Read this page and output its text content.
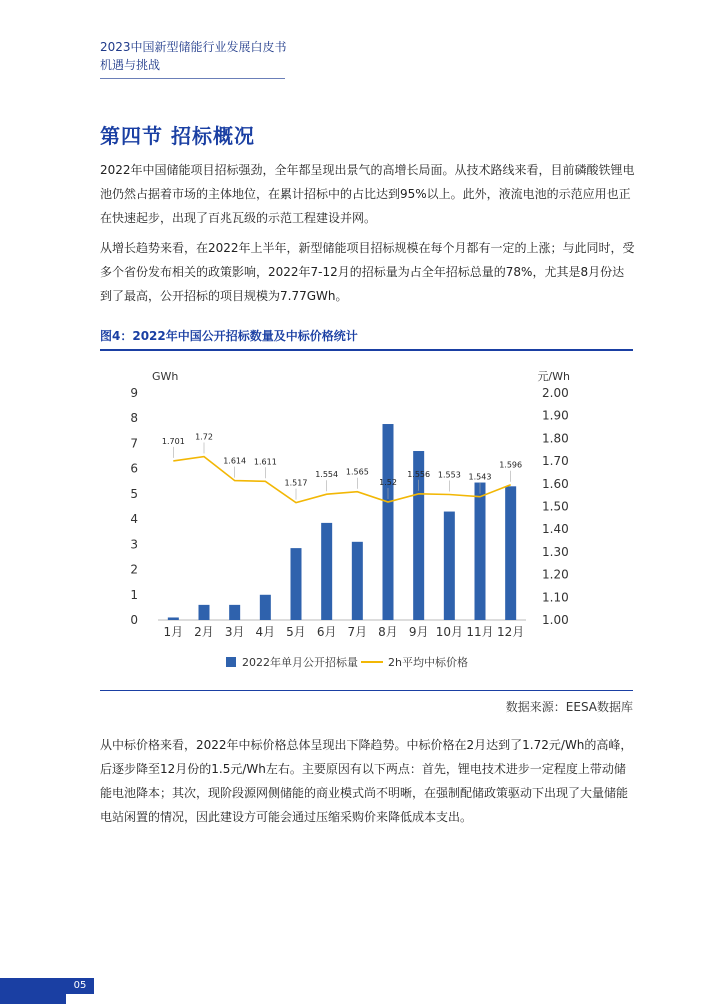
2023中国新型储能行业发展白皮书
机遇与挑战
第四节 招标概况
2022年中国储能项目招标强劲，全年都呈现出景气的高增长局面。从技术路线来看，目前磷酸铁锂电池仍然占据着市场的主体地位，在累计招标中的占比达到95%以上。此外，液流电池的示范应用也正在快速起步，出现了百兆瓦级的示范工程建设并网。
从增长趋势来看，在2022年上半年，新型储能项目招标规模在每个月都有一定的上涨；与此同时，受多个省份发布相关的政策影响，2022年7-12月的招标量为占全年招标总量的78%，尤其是8月份达到了最高，公开招标的项目规模为7.77GWh。
图4：2022年中国公开招标数量及中标价格统计
GWh	元/Wh
0
1
2
3
4
5
6
7
8
9
1.00
1.10
1.20
1.30
1.40
1.50
1.60
1.70
1.80
1.90
2.00
1月 2月 3月 4月 5月 6月 7月 8月 9月 10月 11月 12月
1.701 1.72
1.614 1.611
1.517
1.554 1.565
1.52
1.556 1.553 1.543
1.596
2022年单月公开招标量	2h平均中标价格
数据来源：EESA数据库
从中标价格来看，2022年中标价格总体呈现出下降趋势。中标价格在2月达到了1.72元/Wh的高峰，后逐步降至12月份的1.5元/Wh左右。主要原因有以下两点：首先，锂电技术进步一定程度上带动储能电池降本；其次，现阶段源网侧储能的商业模式尚不明晰，在强制配储政策驱动下出现了大量储能电站闲置的情况，因此建设方可能会通过压缩采购价来降低成本支出。
05
